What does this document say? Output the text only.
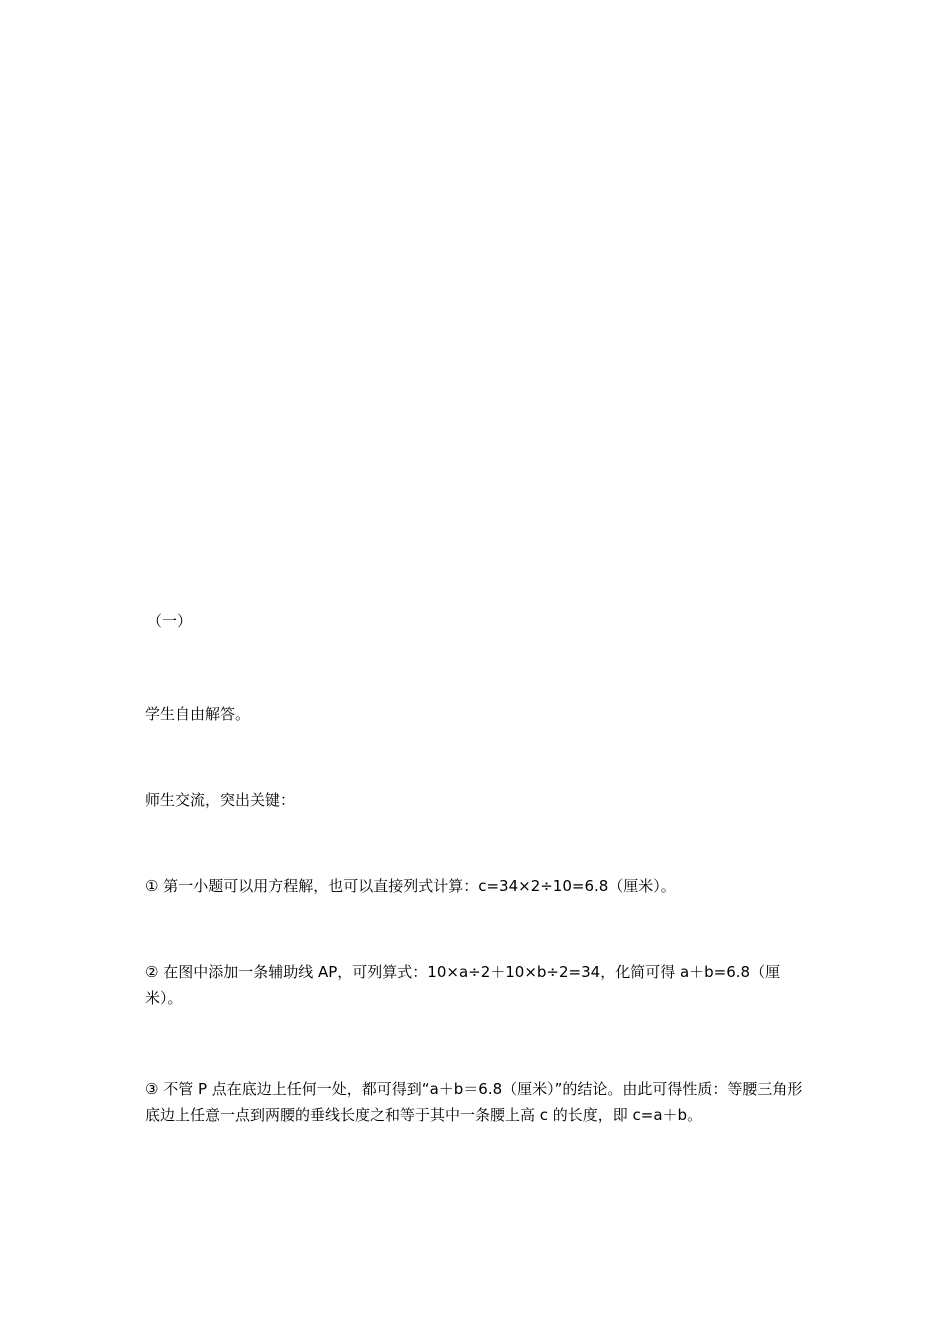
（一）
学生自由解答。
师生交流，突出关键：
① 第一小题可以用方程解，也可以直接列式计算：c=34×2÷10=6.8（厘米）。
② 在图中添加一条辅助线 AP，可列算式：10×a÷2＋10×b÷2=34，化简可得 a＋b=6.8（厘米）。
③ 不管 P 点在底边上任何一处，都可得到“a＋b＝6.8（厘米）”的结论。由此可得性质：等腰三角形底边上任意一点到两腰的垂线长度之和等于其中一条腰上高 c 的长度，即 c=a＋b。
